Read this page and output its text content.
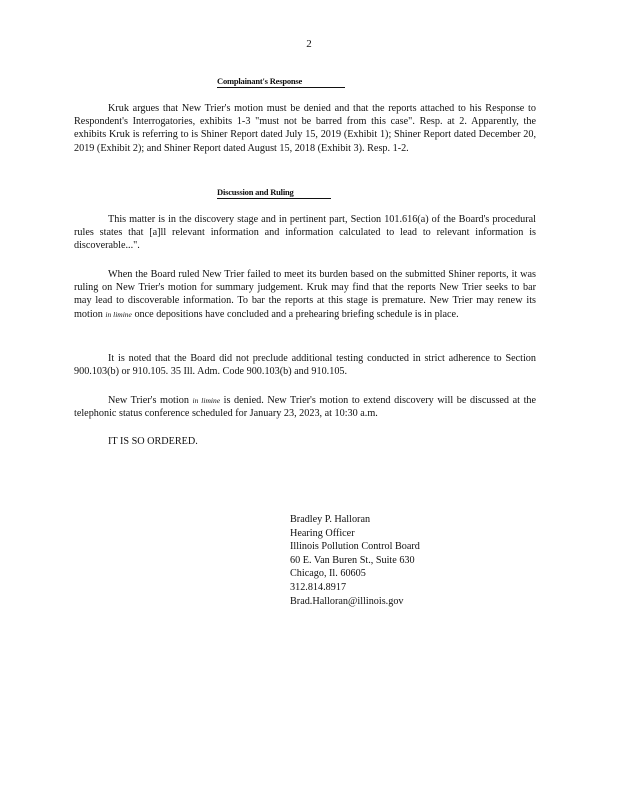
2
Complainant's Response
Kruk argues that New Trier's motion must be denied and that the reports attached to his Response to Respondent's Interrogatories, exhibits 1-3 "must not be barred from this case". Resp. at 2. Apparently, the exhibits Kruk is referring to is Shiner Report dated July 15, 2019 (Exhibit 1); Shiner Report dated December 20, 2019 (Exhibit 2); and Shiner Report dated August 15, 2018 (Exhibit 3). Resp. 1-2.
Discussion and Ruling
This matter is in the discovery stage and in pertinent part, Section 101.616(a) of the Board's procedural rules states that [a]ll relevant information and information calculated to lead to relevant information is discoverable...".
When the Board ruled New Trier failed to meet its burden based on the submitted Shiner reports, it was ruling on New Trier's motion for summary judgement. Kruk may find that the reports New Trier seeks to bar may lead to discoverable information. To bar the reports at this stage is premature. New Trier may renew its motion in limine once depositions have concluded and a prehearing briefing schedule is in place.
It is noted that the Board did not preclude additional testing conducted in strict adherence to Section 900.103(b) or 910.105. 35 Ill. Adm. Code 900.103(b) and 910.105.
New Trier's motion in limine is denied. New Trier's motion to extend discovery will be discussed at the telephonic status conference scheduled for January 23, 2023, at 10:30 a.m.
IT IS SO ORDERED.
Bradley P. Halloran
Hearing Officer
Illinois Pollution Control Board
60 E. Van Buren St., Suite 630
Chicago, Il. 60605
312.814.8917
Brad.Halloran@illinois.gov
